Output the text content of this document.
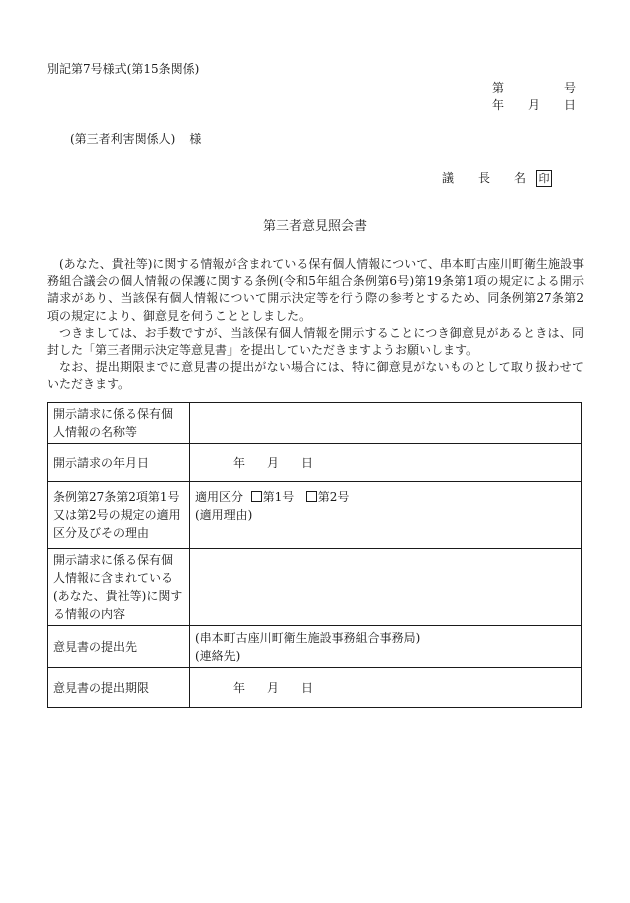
別記第7号様式(第15条関係)
第	号
年 月 日
(第三者利害関係人) 様
議	長	名	印
第三者意見照会書

(あなた、貴社等)に関する情報が含まれている保有個人情報について、串本町古座川町衛生施設事務組合議会の個人情報の保護に関する条例(令和5年組合条例第6号)第19条第1項の規定による開示請求があり、当該保有個人情報について開示決定等を行う際の参考とするため、同条例第27条第2項の規定により、御意見を伺うこととしました。

つきましては、お手数ですが、当該保有個人情報を開示することにつき御意見があるときは、同封した「第三者開示決定等意見書」を提出していただきますようお願いします。

なお、提出期限までに意見書の提出がない場合には、特に御意見がないものとして取り扱わせていただきます。

開示請求に係る保有個人情報の名称等	
開示請求の年月日	年 月 日
条例第27条第2項第1号又は第2号の規定の適用区分及びその理由	適用区分 第1号 第2号
(適用理由)

開示請求に係る保有個人情報に含まれている(あなた、貴社等)に関する情報の内容	
意見書の提出先	(串本町古座川町衛生施設事務組合事務局)
(連絡先)

意見書の提出期限	年 月 日
